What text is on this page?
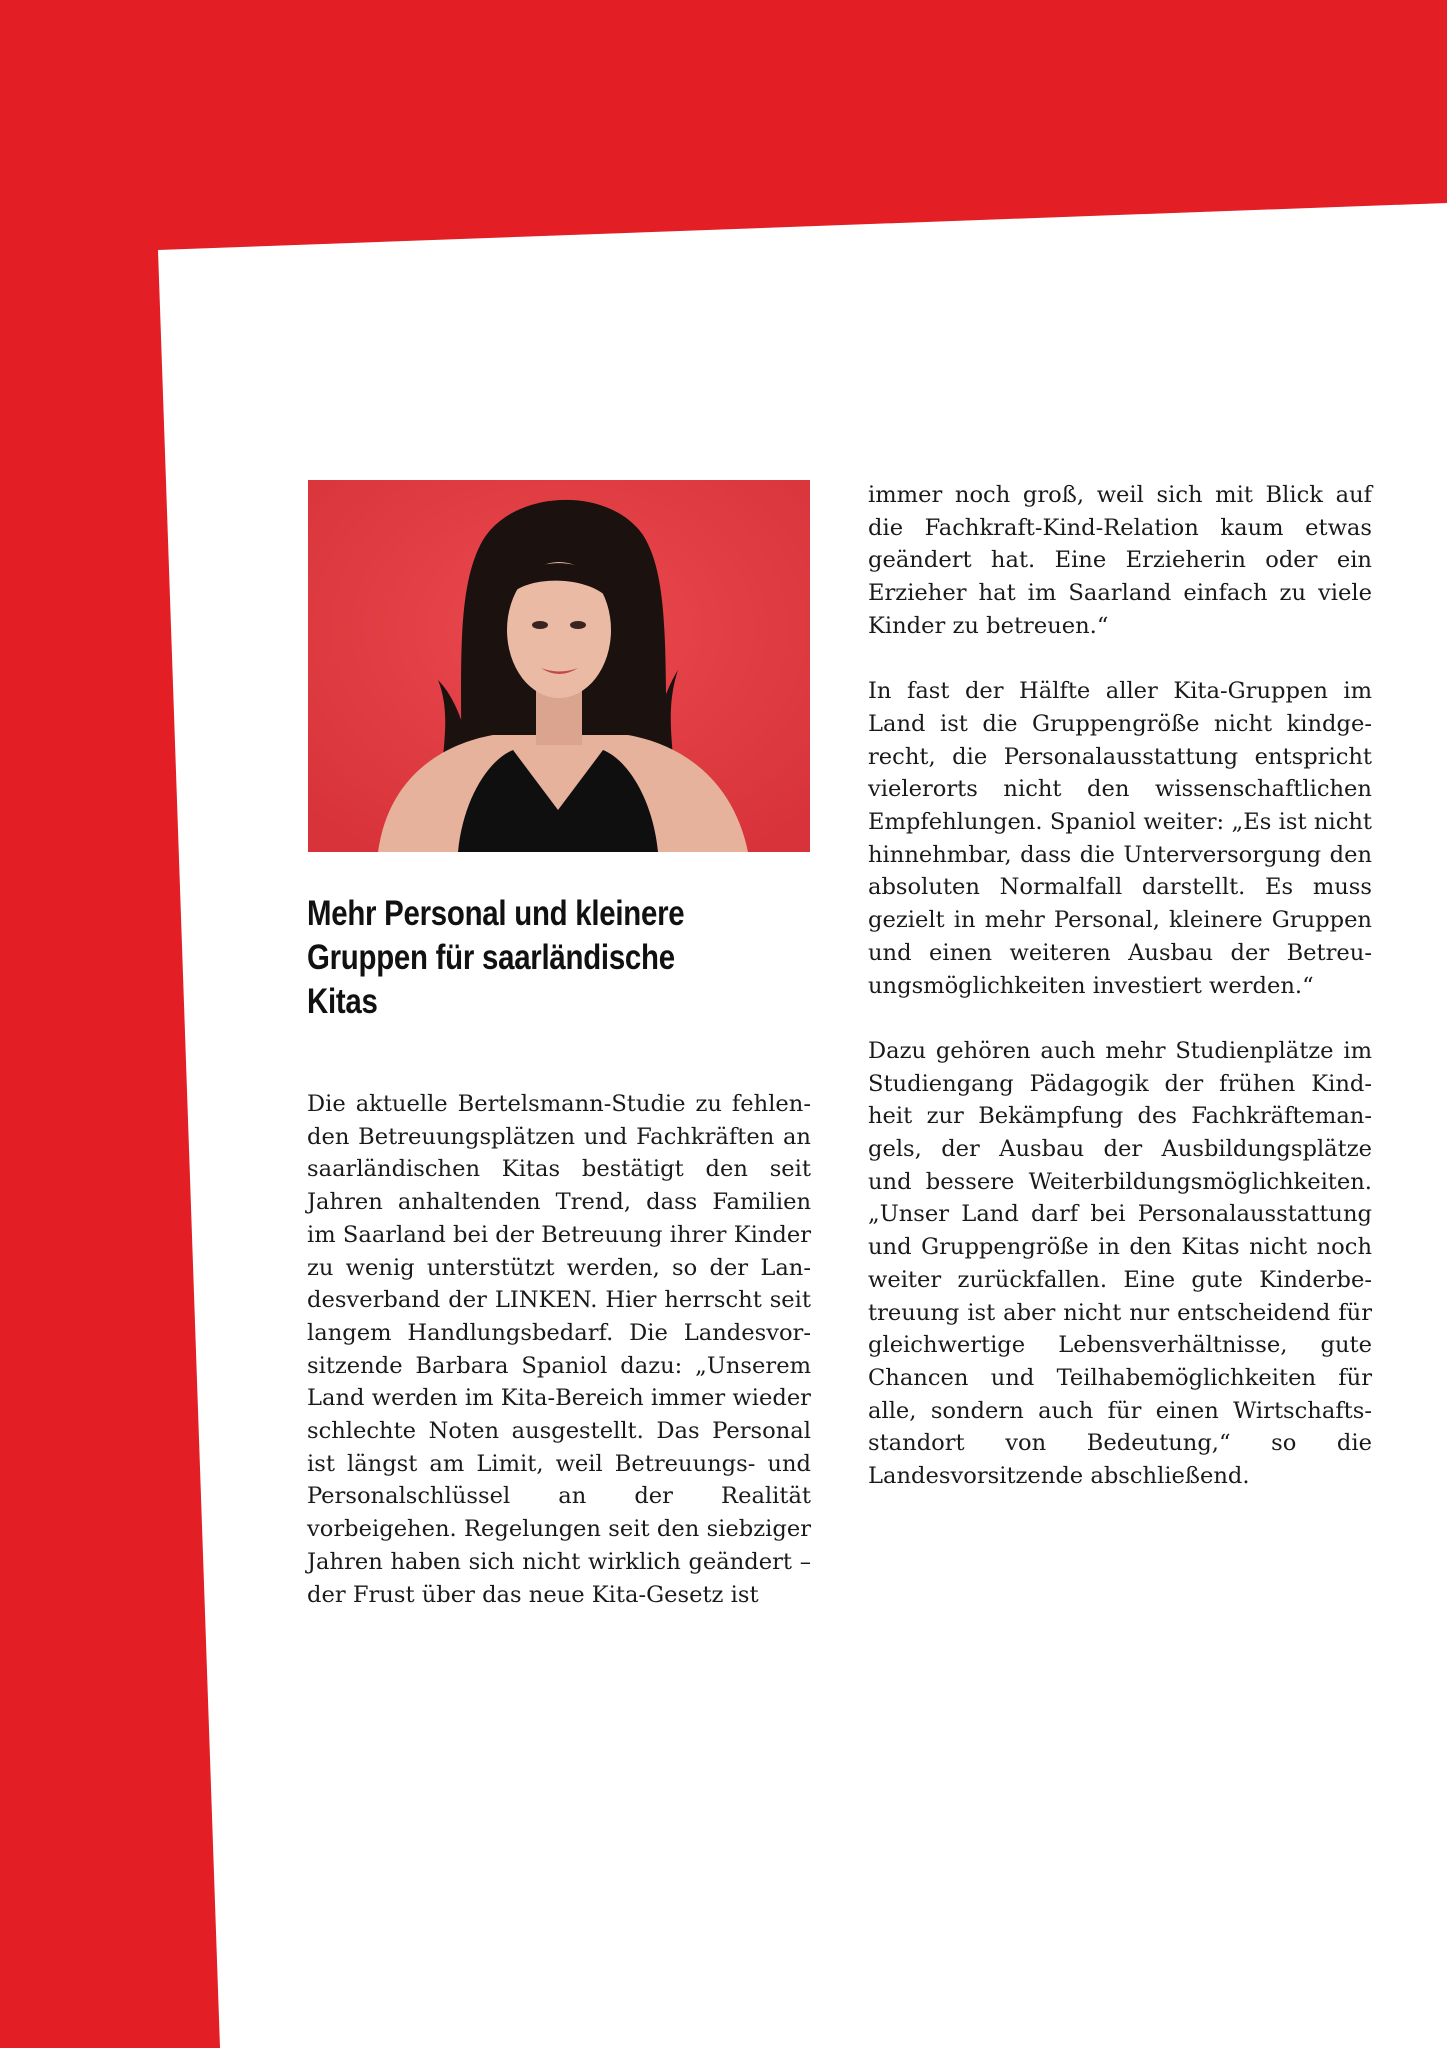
Mehr Personal und kleinere Gruppen für saarländische Kitas

Die aktuelle Bertelsmann-Studie zu fehlenden Betreuungsplätzen und Fachkräften an saarländischen Kitas bestätigt den seit Jahren anhaltenden Trend, dass Familien im Saarland bei der Betreuung ihrer Kinder zu wenig unterstützt werden, so der Landesverband der LINKEN. Hier herrscht seit langem Handlungsbedarf. Die Landesvorsitzende Barbara Spaniol dazu: „Unserem Land werden im Kita-Bereich immer wieder schlechte Noten ausgestellt. Das Personal ist längst am Limit, weil Betreuungs- und Personalschlüssel an der Realität vorbeigehen. Regelungen seit den siebziger Jahren haben sich nicht wirklich geändert – der Frust über das neue Kita-Gesetz ist

immer noch groß, weil sich mit Blick auf die Fachkraft-Kind-Relation kaum etwas geändert hat. Eine Erzieherin oder ein Erzieher hat im Saarland einfach zu viele Kinder zu betreuen.“

In fast der Hälfte aller Kita-Gruppen im Land ist die Gruppengröße nicht kindgerecht, die Personalausstattung entspricht vielerorts nicht den wissenschaftlichen Empfehlungen. Spaniol weiter: „Es ist nicht hinnehmbar, dass die Unterversorgung den absoluten Normalfall darstellt. Es muss gezielt in mehr Personal, kleinere Gruppen und einen weiteren Ausbau der Betreuungsmöglichkeiten investiert werden.“

Dazu gehören auch mehr Studienplätze im Studiengang Pädagogik der frühen Kindheit zur Bekämpfung des Fachkräftemangels, der Ausbau der Ausbildungsplätze und bessere Weiterbildungsmöglichkeiten. „Unser Land darf bei Personalausstattung und Gruppengröße in den Kitas nicht noch weiter zurückfallen. Eine gute Kinderbetreuung ist aber nicht nur entscheidend für gleichwertige Lebensverhältnisse, gute Chancen und Teilhabemöglichkeiten für alle, sondern auch für einen Wirtschaftsstandort von Bedeutung,“ so die Landesvorsitzende abschließend.
